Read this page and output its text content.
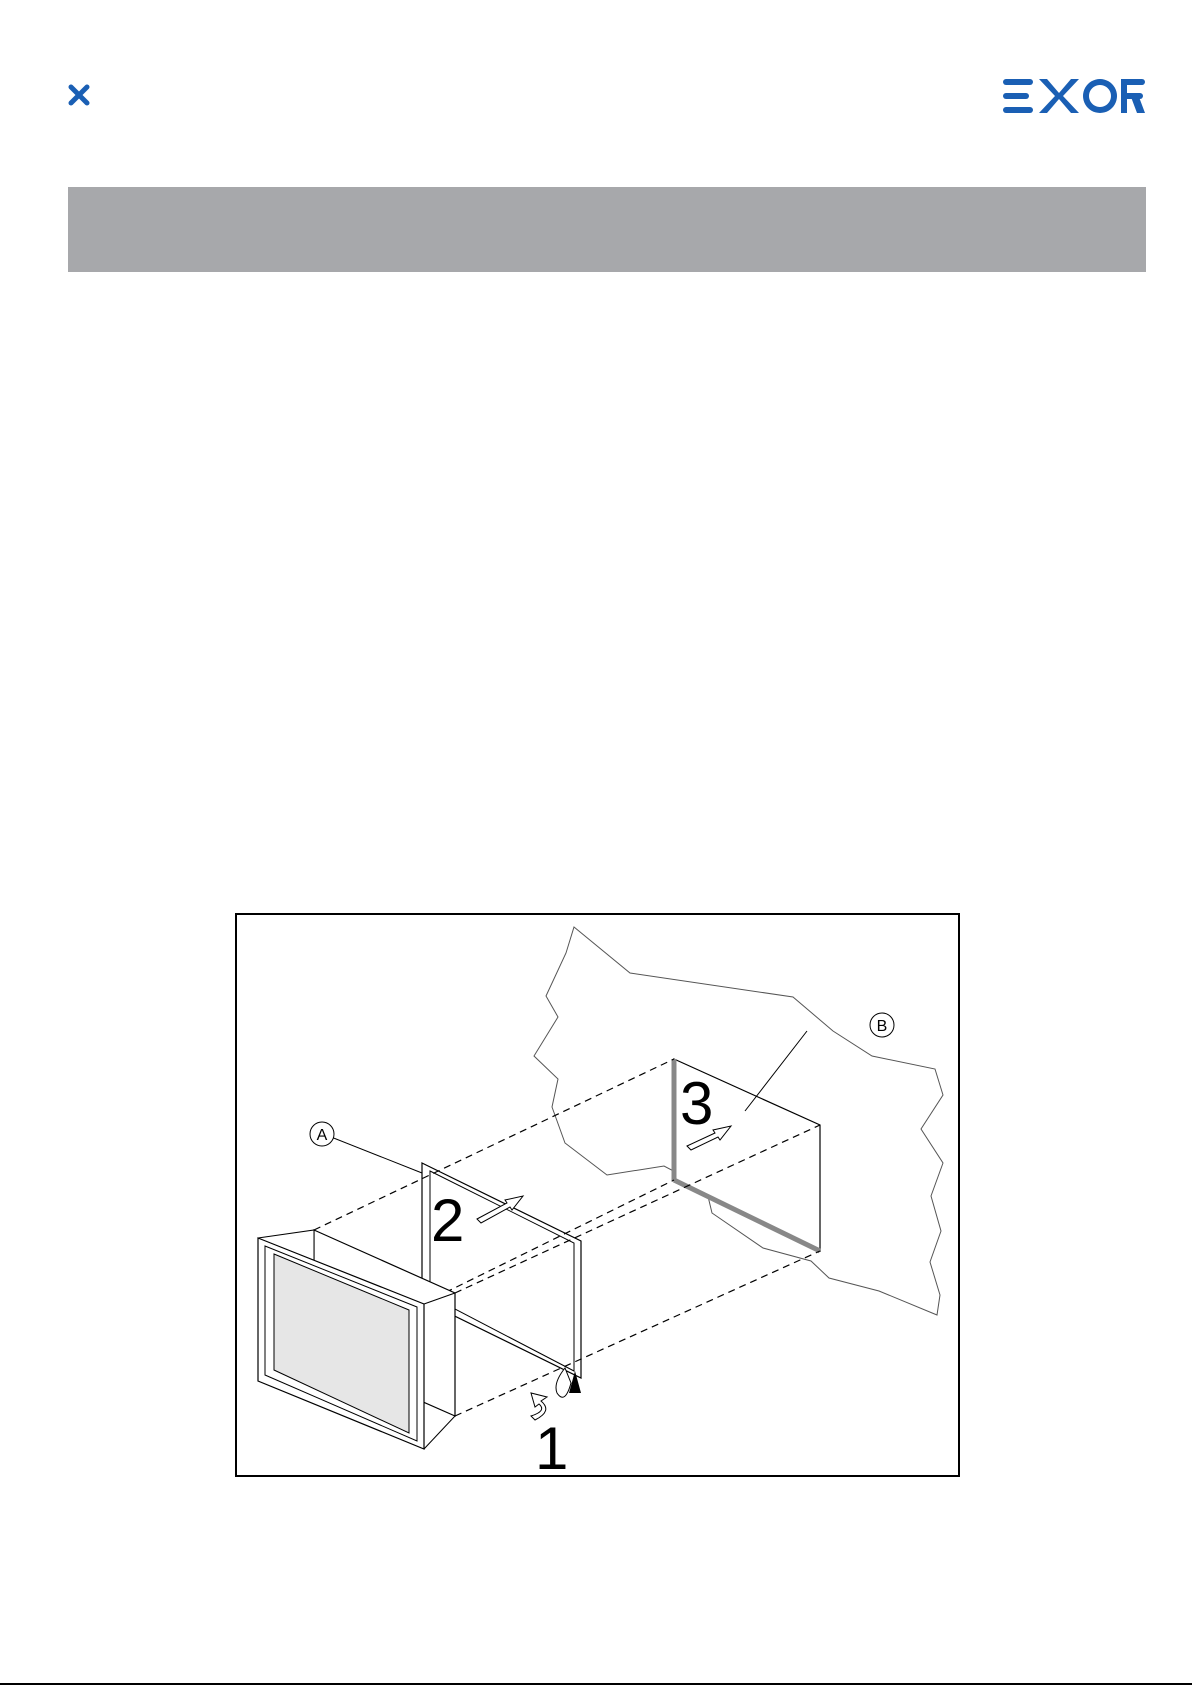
A
B
2
3
1
